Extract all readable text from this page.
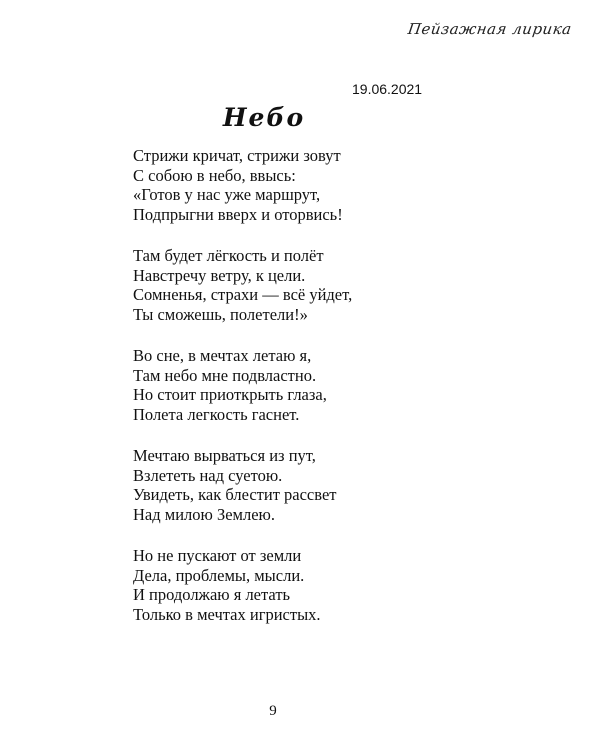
Пейзажная лирика
19.06.2021
Небо
Стрижи кричат, стрижи зовут
С собою в небо, ввысь:
«Готов у нас уже маршрут,
Подпрыгни вверх и оторвись!
Там будет лёгкость и полёт
Навстречу ветру, к цели.
Сомненья, страхи — всё уйдет,
Ты сможешь, полетели!»
Во сне, в мечтах летаю я,
Там небо мне подвластно.
Но стоит приоткрыть глаза,
Полета легкость гаснет.
Мечтаю вырваться из пут,
Взлететь над суетою.
Увидеть, как блестит рассвет
Над милою Землею.
Но не пускают от земли
Дела, проблемы, мысли.
И продолжаю я летать
Только в мечтах игристых.
9
